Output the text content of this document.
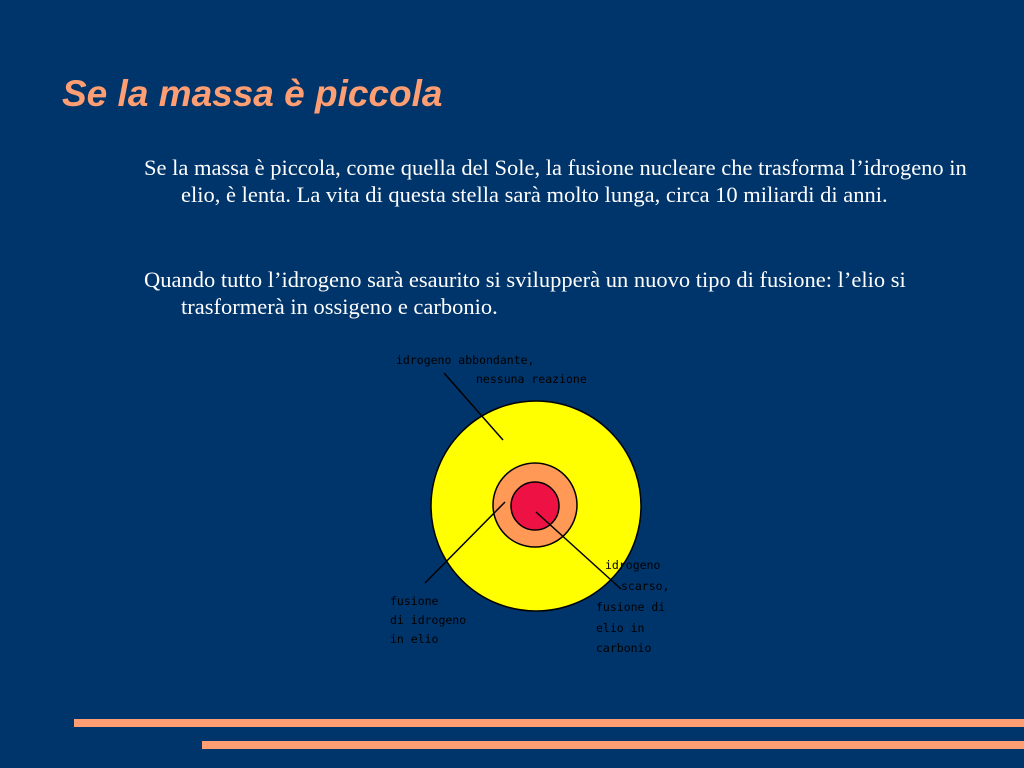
Se la massa è piccola

Se la massa è piccola, come quella del Sole, la fusione nucleare che trasforma l’idrogeno in elio, è lenta. La vita di questa stella sarà molto lunga, circa 10 miliardi di anni.

Quando tutto l’idrogeno sarà esaurito si svilupperà un nuovo tipo di fusione: l’elio si trasformerà in ossigeno e carbonio.

idrogeno abbondante, nessuna reazione
fusione di idrogeno in elio
idrogeno scarso, fusione di elio in carbonio
